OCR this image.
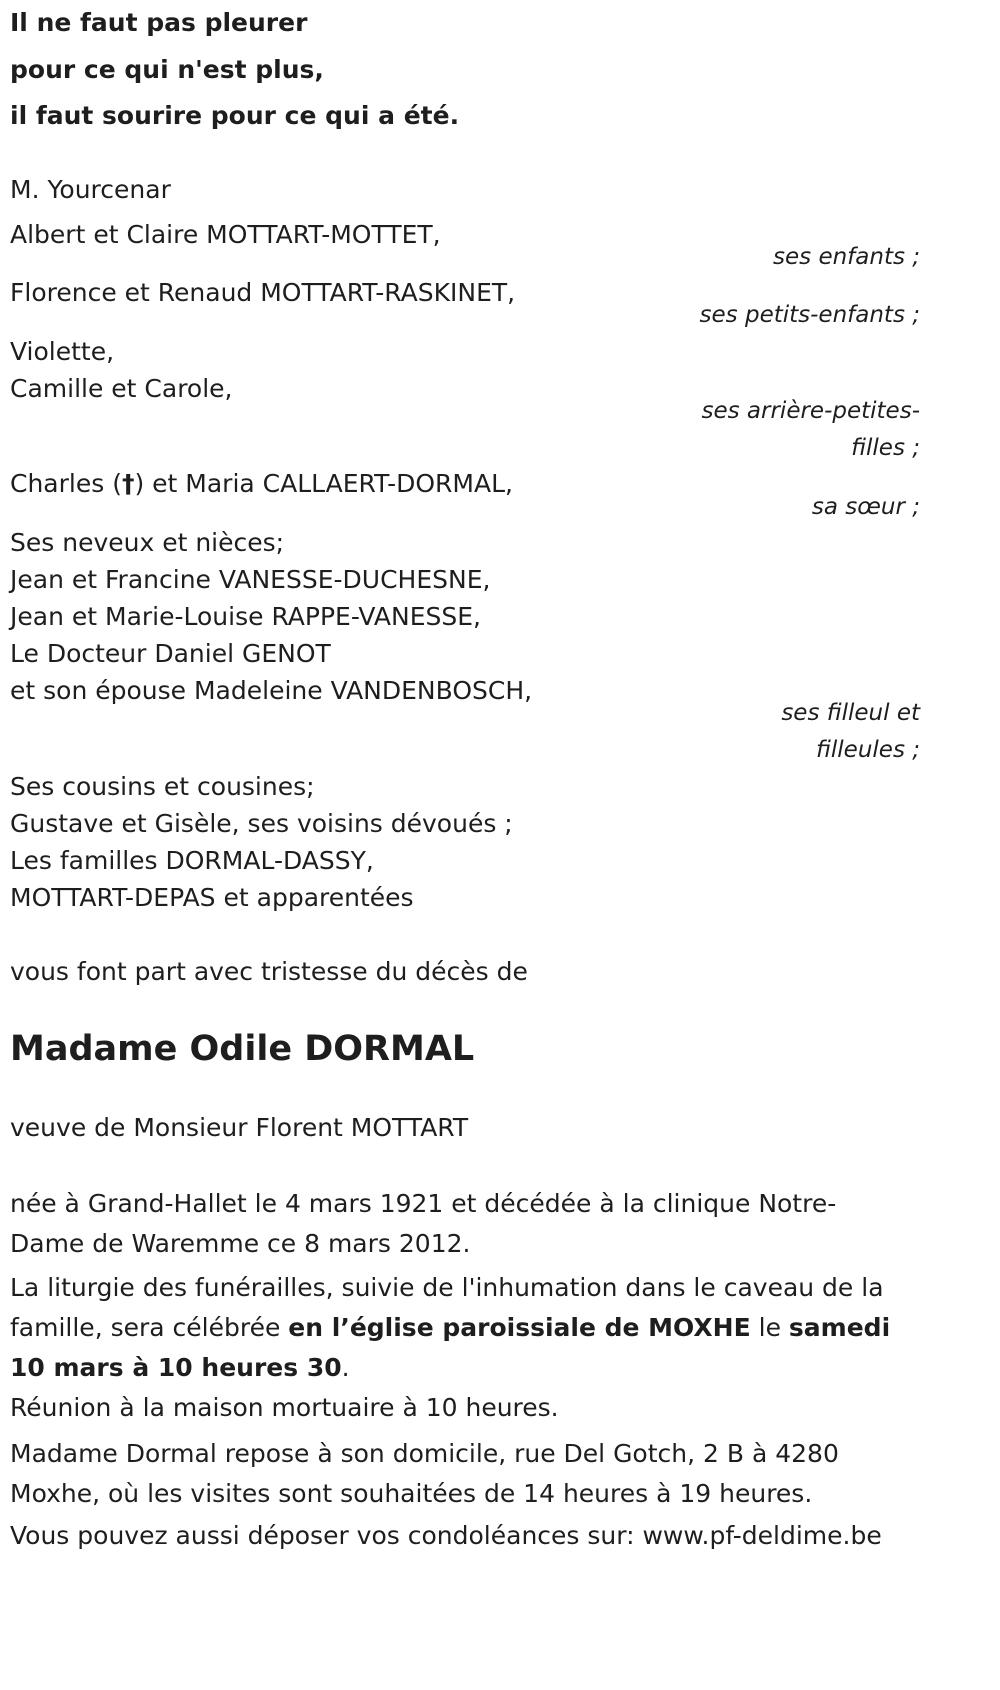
Il ne faut pas pleurer
pour ce qui n'est plus,
il faut sourire pour ce qui a été.
M. Yourcenar
Albert et Claire MOTTART-MOTTET,
ses enfants ;
Florence et Renaud MOTTART-RASKINET,
ses petits-enfants ;
Violette,
Camille et Carole,
ses arrière-petites-
filles ;
Charles (†) et Maria CALLAERT-DORMAL,
sa sœur ;
Ses neveux et nièces;
Jean et Francine VANESSE-DUCHESNE,
Jean et Marie-Louise RAPPE-VANESSE,
Le Docteur Daniel GENOT
et son épouse Madeleine VANDENBOSCH,
ses filleul et
filleules ;
Ses cousins et cousines;
Gustave et Gisèle, ses voisins dévoués ;
Les familles DORMAL-DASSY,
MOTTART-DEPAS et apparentées
vous font part avec tristesse du décès de
Madame Odile DORMAL
veuve de Monsieur Florent MOTTART
née à Grand-Hallet le 4 mars 1921 et décédée à la clinique Notre-Dame de Waremme ce 8 mars 2012.
La liturgie des funérailles, suivie de l'inhumation dans le caveau de la famille, sera célébrée en l’église paroissiale de MOXHE le samedi 10 mars à 10 heures 30.
Réunion à la maison mortuaire à 10 heures.
Madame Dormal repose à son domicile, rue Del Gotch, 2 B à 4280 Moxhe, où les visites sont souhaitées de 14 heures à 19 heures.
Vous pouvez aussi déposer vos condoléances sur: www.pf-deldime.be
